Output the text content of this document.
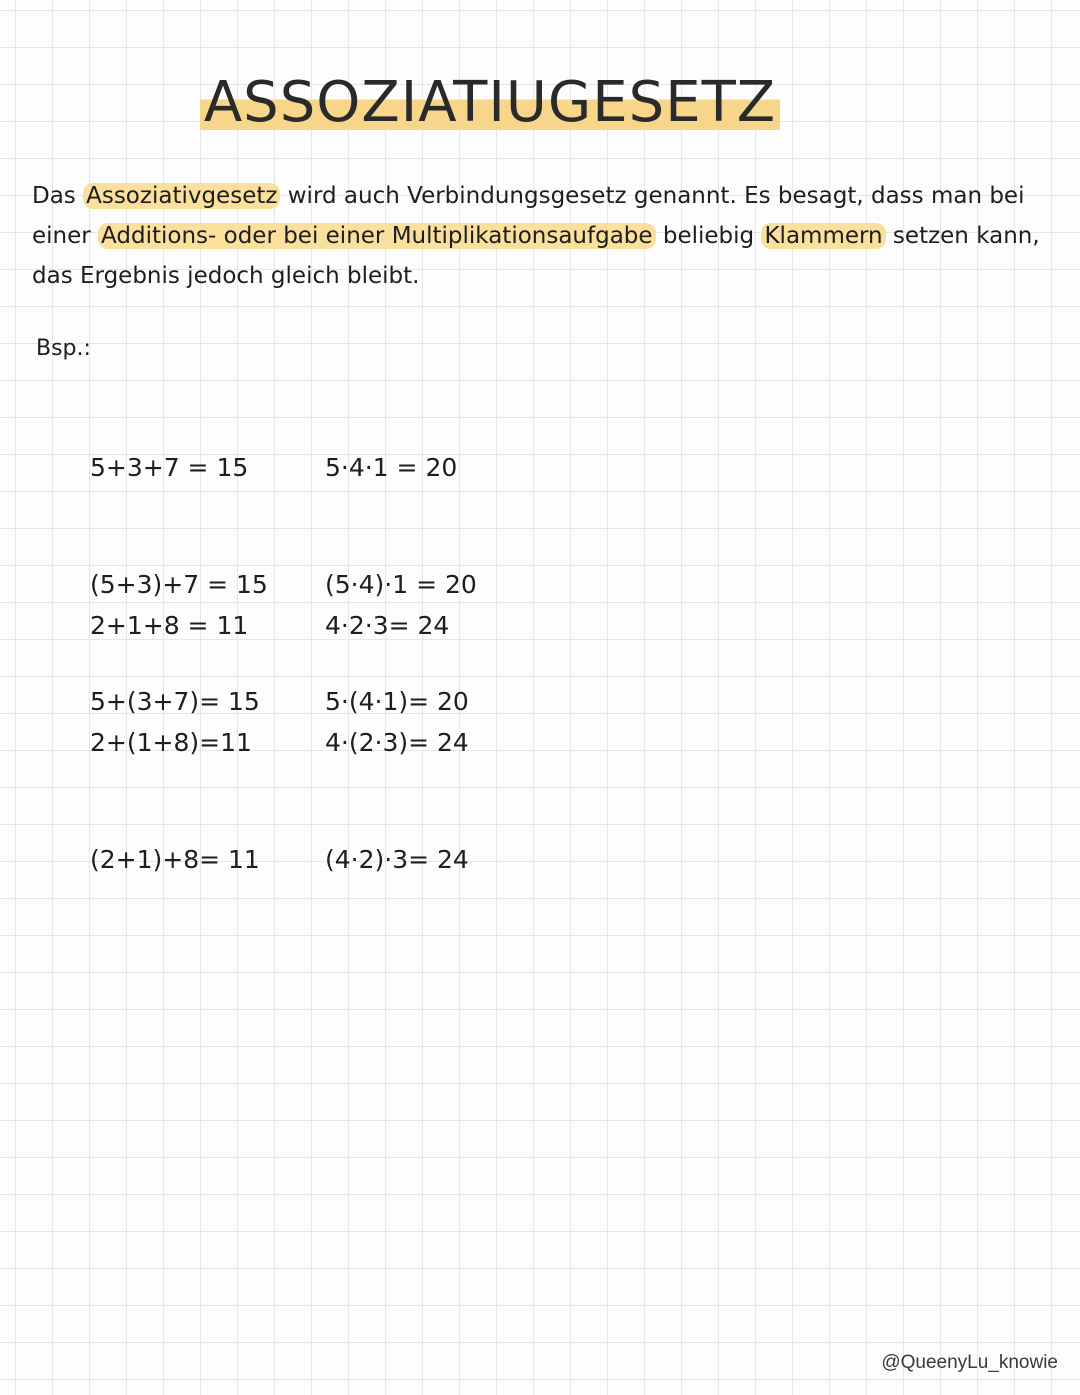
ASSOZIATIUGESETZ
Das Assoziativgesetz wird auch Verbindungsgesetz genannt. Es besagt, dass man bei einer Additions- oder bei einer Multiplikationsaufgabe beliebig Klammern setzen kann, das Ergebnis jedoch gleich bleibt.
Bsp.:

5+3+7 = 15

(5+3)+7 = 15

5+(3+7)= 15

5·4·1 = 20

(5·4)·1 = 20

5·(4·1)= 20

2+1+8 = 11

2+(1+8)=11

(2+1)+8= 11

4·2·3= 24

4·(2·3)= 24

(4·2)·3= 24

@QueenyLu_knowie
